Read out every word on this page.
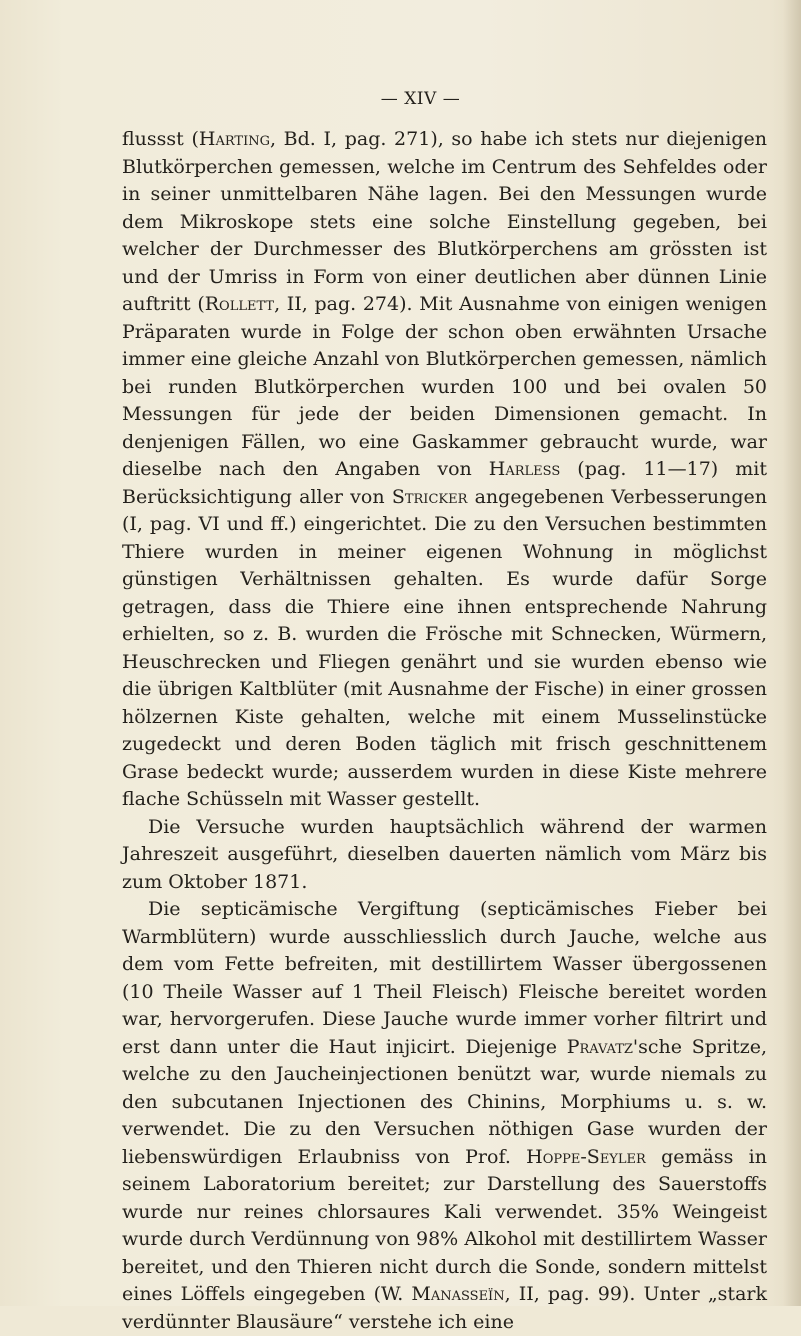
— XIV —

flussst (Harting, Bd. I, pag. 271), so habe ich stets nur diejenigen Blutkörperchen gemessen, welche im Centrum des Sehfeldes oder in seiner unmittelbaren Nähe lagen. Bei den Messungen wurde dem Mikroskope stets eine solche Einstellung gegeben, bei welcher der Durchmesser des Blutkörperchens am grössten ist und der Umriss in Form von einer deutlichen aber dünnen Linie auftritt (Rollett, II, pag. 274). Mit Ausnahme von einigen wenigen Präparaten wurde in Folge der schon oben erwähnten Ursache immer eine gleiche Anzahl von Blutkörperchen gemessen, nämlich bei runden Blutkörperchen wurden 100 und bei ovalen 50 Messungen für jede der beiden Dimensionen gemacht. In denjenigen Fällen, wo eine Gaskammer gebraucht wurde, war dieselbe nach den Angaben von Harless (pag. 11—17) mit Berücksichtigung aller von Stricker angegebenen Verbesserungen (I, pag. VI und ff.) eingerichtet. Die zu den Versuchen bestimmten Thiere wurden in meiner eigenen Wohnung in möglichst günstigen Verhältnissen gehalten. Es wurde dafür Sorge getragen, dass die Thiere eine ihnen entsprechende Nahrung erhielten, so z. B. wurden die Frösche mit Schnecken, Würmern, Heuschrecken und Fliegen genährt und sie wurden ebenso wie die übrigen Kaltblüter (mit Ausnahme der Fische) in einer grossen hölzernen Kiste gehalten, welche mit einem Musselinstücke zugedeckt und deren Boden täglich mit frisch geschnittenem Grase bedeckt wurde; ausserdem wurden in diese Kiste mehrere flache Schüsseln mit Wasser gestellt.

Die Versuche wurden hauptsächlich während der warmen Jahreszeit ausgeführt, dieselben dauerten nämlich vom März bis zum Oktober 1871.

Die septicämische Vergiftung (septicämisches Fieber bei Warmblütern) wurde ausschliesslich durch Jauche, welche aus dem vom Fette befreiten, mit destillirtem Wasser übergossenen (10 Theile Wasser auf 1 Theil Fleisch) Fleische bereitet worden war, hervorgerufen. Diese Jauche wurde immer vorher filtrirt und erst dann unter die Haut injicirt. Diejenige Pravatz'sche Spritze, welche zu den Jaucheinjectionen benützt war, wurde niemals zu den subcutanen Injectionen des Chinins, Morphiums u. s. w. verwendet. Die zu den Versuchen nöthigen Gase wurden der liebenswürdigen Erlaubniss von Prof. Hoppe-Seyler gemäss in seinem Laboratorium bereitet; zur Darstellung des Sauerstoffs wurde nur reines chlorsaures Kali verwendet. 35% Weingeist wurde durch Verdünnung von 98% Alkohol mit destillirtem Wasser bereitet, und den Thieren nicht durch die Sonde, sondern mittelst eines Löffels eingegeben (W. Manasseïn, II, pag. 99). Unter „stark verdünnter Blausäure“ verstehe ich eine
